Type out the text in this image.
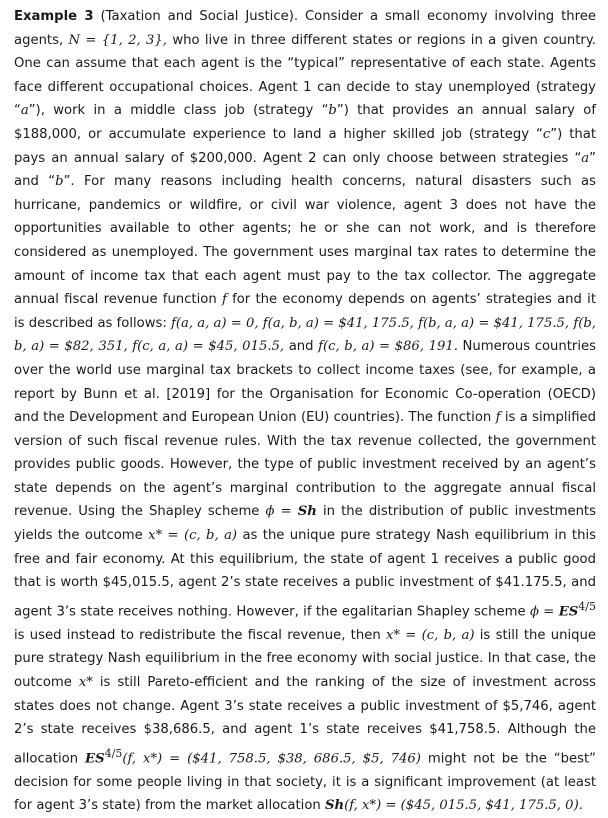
Example 3 (Taxation and Social Justice). Consider a small economy involving three agents, N = {1, 2, 3}, who live in three different states or regions in a given country. One can assume that each agent is the “typical” representative of each state. Agents face different occupational choices. Agent 1 can decide to stay unemployed (strategy “a”), work in a middle class job (strategy “b”) that provides an annual salary of $188,000, or accumulate experience to land a higher skilled job (strategy “c”) that pays an annual salary of $200,000. Agent 2 can only choose between strategies “a” and “b”. For many reasons including health concerns, natural disasters such as hurricane, pandemics or wildfire, or civil war violence, agent 3 does not have the opportunities available to other agents; he or she can not work, and is therefore considered as unemployed. The government uses marginal tax rates to determine the amount of income tax that each agent must pay to the tax collector. The aggregate annual fiscal revenue function f for the economy depends on agents’ strategies and it is described as follows: f(a, a, a) = 0, f(a, b, a) = $41, 175.5, f(b, a, a) = $41, 175.5, f(b, b, a) = $82, 351, f(c, a, a) = $45, 015.5, and f(c, b, a) = $86, 191. Numerous countries over the world use marginal tax brackets to collect income taxes (see, for example, a report by Bunn et al. [2019] for the Organisation for Economic Co-operation (OECD) and the Development and European Union (EU) countries). The function f is a simplified version of such fiscal revenue rules. With the tax revenue collected, the government provides public goods. However, the type of public investment received by an agent’s state depends on the agent’s marginal contribution to the aggregate annual fiscal revenue. Using the Shapley scheme ϕ = Sh in the distribution of public investments yields the outcome x* = (c, b, a) as the unique pure strategy Nash equilibrium in this free and fair economy. At this equilibrium, the state of agent 1 receives a public good that is worth $45,015.5, agent 2’s state receives a public investment of $41.175.5, and agent 3’s state receives nothing. However, if the egalitarian Shapley scheme $\phi = ES^{4/5}$ is used instead to redistribute the fiscal revenue, then x* = (c, b, a) is still the unique pure strategy Nash equilibrium in the free economy with social justice. In that case, the outcome x* is still Pareto-efficient and the ranking of the size of investment across states does not change. Agent 3’s state receives a public investment of $5,746, agent 2’s state receives $38,686.5, and agent 1’s state receives $41,758.5. Although the allocation $ES^{4/5}(f$, x*) = ($41, 758.5, $38, 686.5, $5, 746) might not be the “best” decision for some people living in that society, it is a significant improvement (at least for agent 3’s state) from the market allocation Sh(f, x*) = ($45, 015.5, $41, 175.5, 0).
